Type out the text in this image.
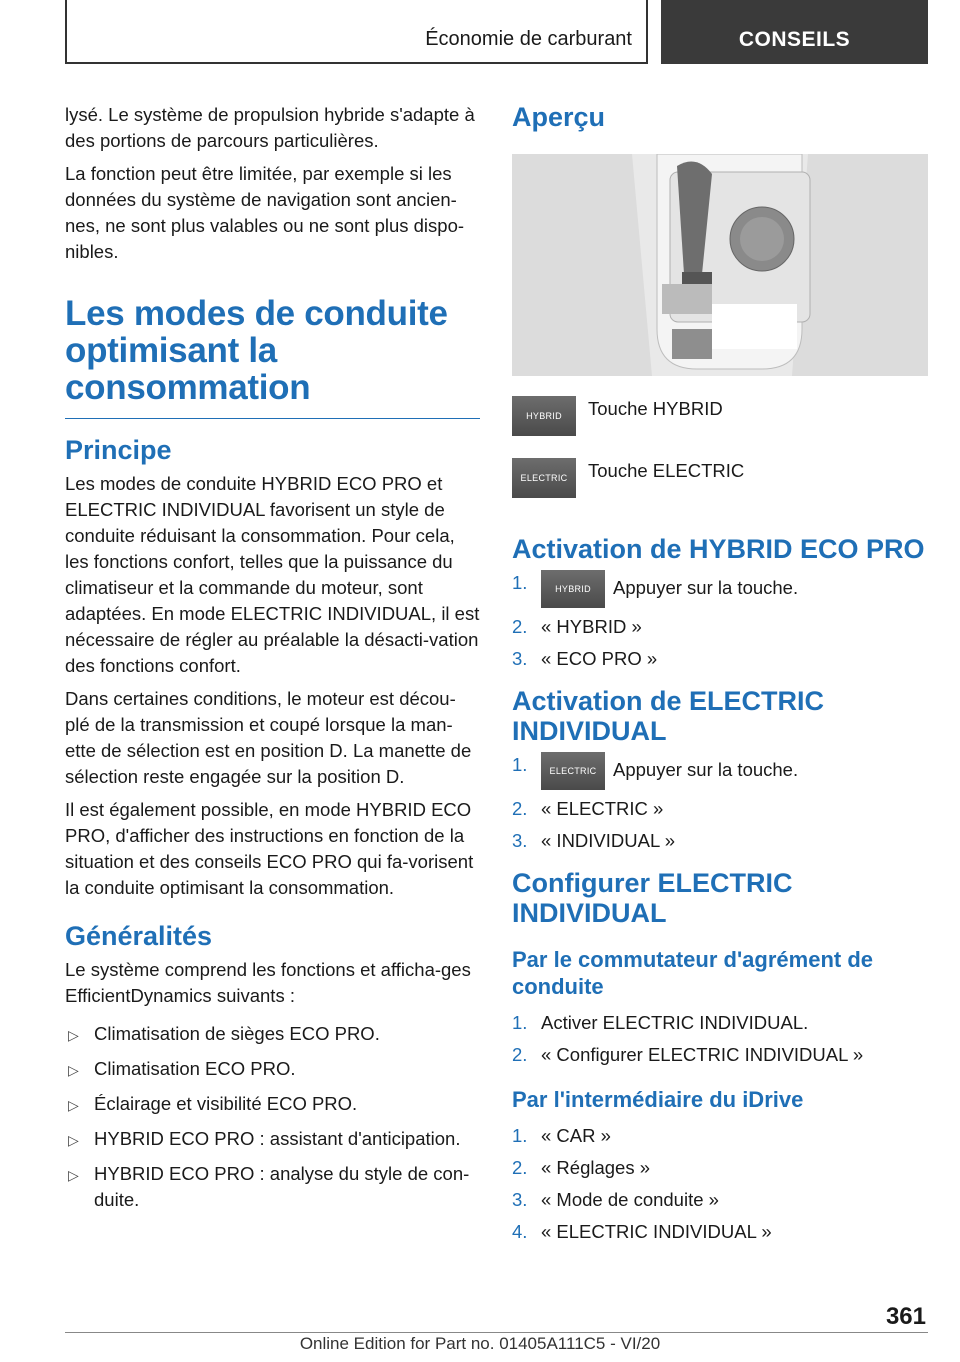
Économie de carburant	CONSEILS

lysé. Le système de propulsion hybride s'adapte à des portions de parcours particulières.

La fonction peut être limitée, par exemple si les données du système de navigation sont ancien-nes, ne sont plus valables ou ne sont plus dispo-nibles.

Les modes de conduite optimisant la consommation
Principe

Les modes de conduite HYBRID ECO PRO et ELECTRIC INDIVIDUAL favorisent un style de conduite réduisant la consommation. Pour cela, les fonctions confort, telles que la puissance du climatiseur et la commande du moteur, sont adaptées. En mode ELECTRIC INDIVIDUAL, il est nécessaire de régler au préalable la désacti-vation des fonctions confort.

Dans certaines conditions, le moteur est décou-plé de la transmission et coupé lorsque la man-ette de sélection est en position D. La manette de sélection reste engagée sur la position D.

Il est également possible, en mode HYBRID ECO PRO, d'afficher des instructions en fonction de la situation et des conseils ECO PRO qui fa-vorisent la conduite optimisant la consommation.

Généralités

Le système comprend les fonctions et afficha-ges EfficientDynamics suivants :

▷ Climatisation de sièges ECO PRO.
▷ Climatisation ECO PRO.
▷ Éclairage et visibilité ECO PRO.
▷ HYBRID ECO PRO : assistant d'anticipation.
▷ HYBRID ECO PRO : analyse du style de con-duite.
Aperçu
HYBRID	Touche HYBRID
ELECTRIC	Touche ELECTRIC
Activation de HYBRID ECO PRO
1.	HYBRID Appuyer sur la touche.
2. « HYBRID »
3. « ECO PRO »
Activation de ELECTRIC INDIVIDUAL
1. ELECTRIC Appuyer sur la touche.
2. « ELECTRIC »
3. « INDIVIDUAL »
Configurer ELECTRIC INDIVIDUAL
Par le commutateur d'agrément de conduite
1. Activer ELECTRIC INDIVIDUAL.
2. « Configurer ELECTRIC INDIVIDUAL »
Par l'intermédiaire du iDrive
1. « CAR »
2. « Réglages »
3. « Mode de conduite »
4. « ELECTRIC INDIVIDUAL »
361
Online Edition for Part no. 01405A111C5 - VI/20
